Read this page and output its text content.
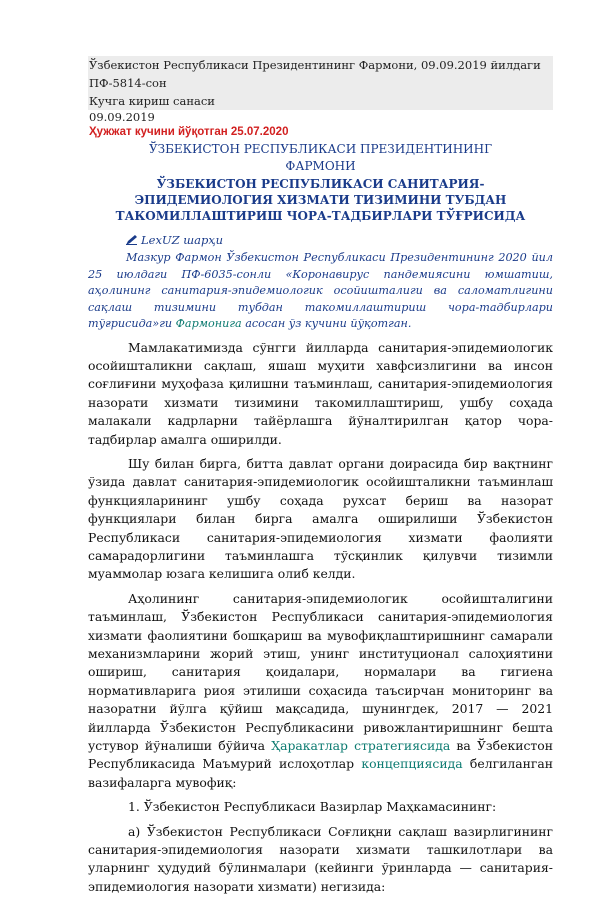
Ўзбекистон Республикаси Президентининг Фармони, 09.09.2019 йилдаги ПФ-5814-сон
Кучга кириш санаси
09.09.2019
Ҳужжат кучини йўқотган 25.07.2020
ЎЗБЕКИСТОН РЕСПУБЛИКАСИ ПРЕЗИДЕНТИНИНГ
ФАРМОНИ
ЎЗБЕКИСТОН РЕСПУБЛИКАСИ САНИТАРИЯ-ЭПИДЕМИОЛОГИЯ ХИЗМАТИ ТИЗИМИНИ ТУБДАН ТАКОМИЛЛАШТИРИШ ЧОРА-ТАДБИРЛАРИ ТЎҒРИСИДА
LexUZ шарҳи

Мазкур Фармон Ўзбекистон Республикаси Президентининг 2020 йил 25 июлдаги ПФ-6035-сонли «Коронавирус пандемиясини юмшатиш, аҳолининг санитария-эпидемиологик осойишталиги ва саломатлигини сақлаш тизимини тубдан такомиллаштириш чора-тадбирлари тўғрисида»ги Фармонига асосан ўз кучини йўқотган.

Мамлакатимизда сўнгги йилларда санитария-эпидемиологик осойишталикни сақлаш, яшаш муҳити хавфсизлигини ва инсон соғлиғини муҳофаза қилишни таъминлаш, санитария-эпидемиология назорати хизмати тизимини такомиллаштириш, ушбу соҳада малакали кадрларни тайёрлашга йўналтирилган қатор чора-тадбирлар амалга оширилди.

Шу билан бирга, битта давлат органи доирасида бир вақтнинг ўзида давлат санитария-эпидемиологик осойишталикни таъминлаш функцияларининг ушбу соҳада рухсат бериш ва назорат функциялари билан бирга амалга оширилиши Ўзбекистон Республикаси санитария-эпидемиология хизмати фаолияти самарадорлигини таъминлашга тўсқинлик қилувчи тизимли муаммолар юзага келишига олиб келди.

Аҳолининг санитария-эпидемиологик осойишталигини таъминлаш, Ўзбекистон Республикаси санитария-эпидемиология хизмати фаолиятини бошқариш ва мувофиқлаштиришнинг самарали механизмларини жорий этиш, унинг институционал салоҳиятини ошириш, санитария қоидалари, нормалари ва гигиена нормативларига риоя этилиши соҳасида таъсирчан мониторинг ва назоратни йўлга қўйиш мақсадида, шунингдек, 2017 — 2021 йилларда Ўзбекистон Республикасини ривожлантиришнинг бешта устувор йўналиши бўйича Ҳаракатлар стратегиясида ва Ўзбекистон Республикасида Маъмурий ислоҳотлар концепциясида белгиланган вазифаларга мувофиқ:

1. Ўзбекистон Республикаси Вазирлар Маҳкамасининг:

а) Ўзбекистон Республикаси Соғлиқни сақлаш вазирлигининг санитария-эпидемиология назорати хизмати ташкилотлари ва уларнинг ҳудудий бўлинмалари (кейинги ўринларда — санитария-эпидемиология назорати хизмати) негизида:
